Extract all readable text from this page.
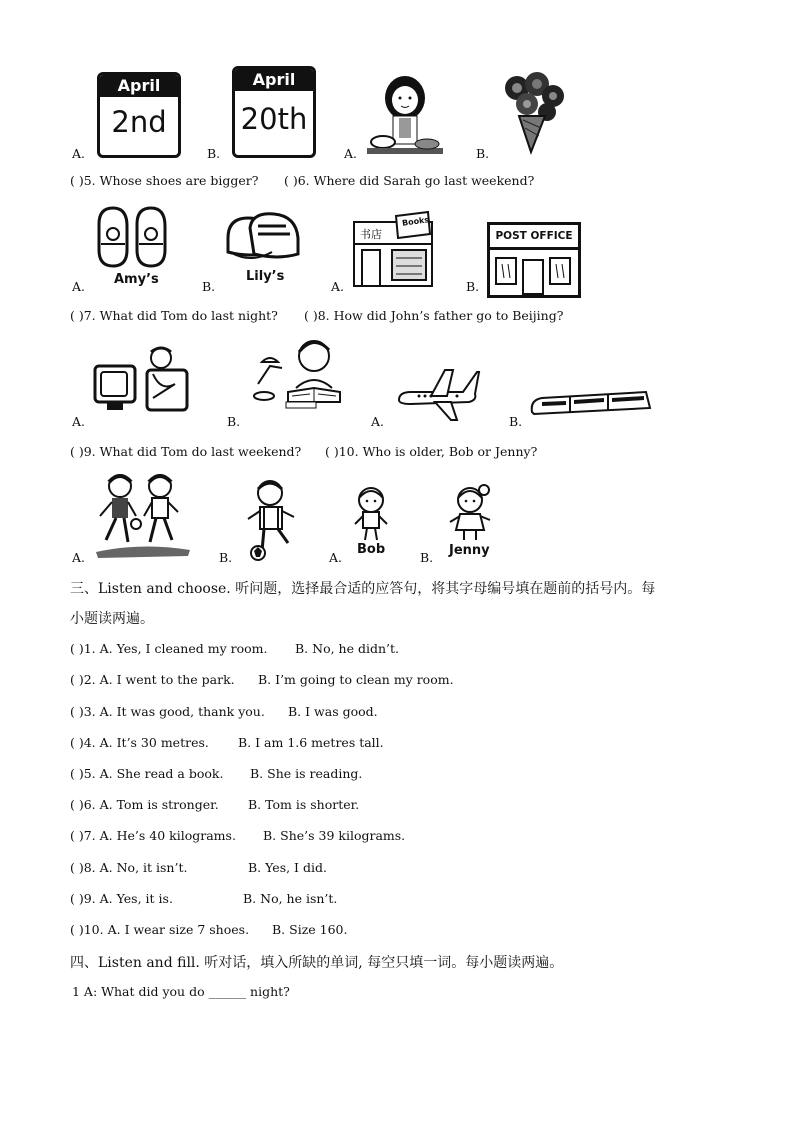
April
2nd
April
20th
A.	B.	A.	B.
( )5. Whose shoes are bigger? ( )6. Where did Sarah go last weekend?
Amy’s	Lily’s
书店
Books
POST OFFICE
A.	B.	A.	B.
( )7. What did Tom do last night? ( )8. How did John’s father go to Beijing?
A.	B.	A.	B.
( )9. What did Tom do last weekend? ( )10. Who is older, Bob or Jenny?
Bob	Jenny
A.	B.	A.	B.
三、Listen and choose. 听问题，选择最合适的应答句，将其字母编号填在题前的括号内。每
小题读两遍。
( )1. A. Yes, I cleaned my room. B. No, he didn’t.
( )2. A. I went to the park. B. I’m going to clean my room.
( )3. A. It was good, thank you. B. I was good.
( )4. A. It’s 30 metres. B. I am 1.6 metres tall.
( )5. A. She read a book. B. She is reading.
( )6. A. Tom is stronger. B. Tom is shorter.
( )7. A. He’s 40 kilograms. B. She’s 39 kilograms.
( )8. A. No, it isn’t.	B. Yes, I did.
( )9. A. Yes, it is.	B. No, he isn’t.
( )10. A. I wear size 7 shoes. B. Size 160.
四、Listen and fill. 听对话，填入所缺的单词, 每空只填一词。每小题读两遍。
1 A: What did you do ______ night?
